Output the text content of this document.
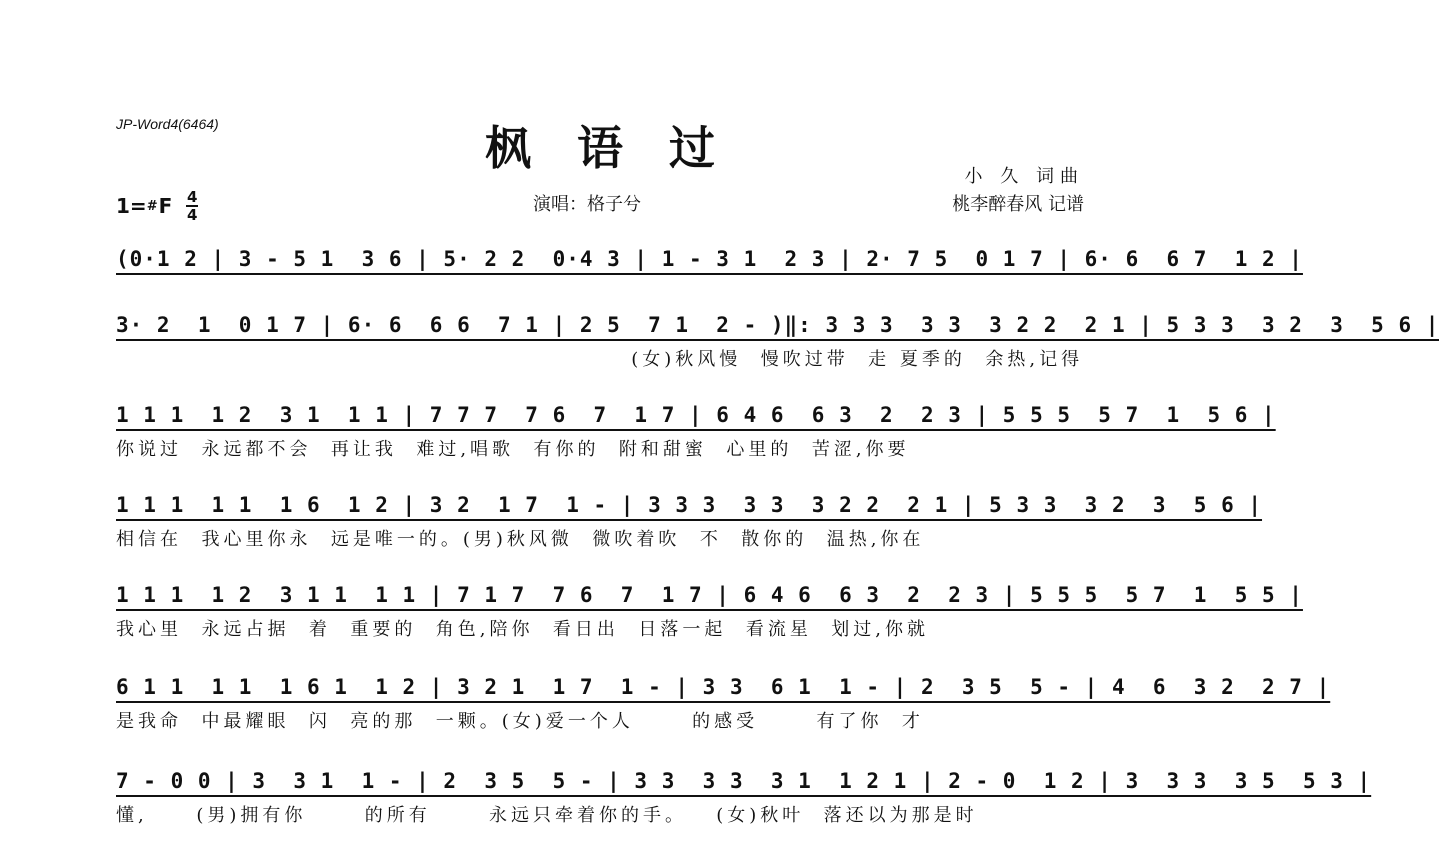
JP-Word4(6464)	枫语过
小 久 词曲
桃李醉春风 记谱
1= # F 4
4	演唱：格子兮
(0·1 2 | 3 - 5 1  3 6 | 5· 2 2  0·4 3 | 1 - 3 1  2 3 | 2· 7 5  0 1 7 | 6· 6  6 7  1 2 |
3· 2  1  0 1 7 | 6· 6  6 6  7 1 | 2 5  7 1  2 - )‖: 3 3 3  3 3  3 2 2  2 1 | 5 3 3  3 2  3  5 6 |
(女)秋风慢  慢吹过带  走 夏季的  余热,记得
1 1 1  1 2  3 1  1 1 | 7 7 7  7 6  7  1 7 | 6 4 6  6 3  2  2 3 | 5 5 5  5 7  1  5 6 |
你说过  永远都不会  再让我  难过,唱歌  有你的  附和甜蜜  心里的  苦涩,你要
1 1 1  1 1  1 6  1 2 | 3 2  1 7  1 - | 3 3 3  3 3  3 2 2  2 1 | 5 3 3  3 2  3  5 6 |
相信在  我心里你永  远是唯一的。(男)秋风微  微吹着吹  不  散你的  温热,你在
1 1 1  1 2  3 1 1  1 1 | 7 1 7  7 6  7  1 7 | 6 4 6  6 3  2  2 3 | 5 5 5  5 7  1  5 5 |
我心里  永远占据  着  重要的  角色,陪你  看日出  日落一起  看流星  划过,你就
6 1 1  1 1  1 6 1  1 2 | 3 2 1  1 7  1 - | 3 3  6 1  1 - | 2  3 5  5 - | 4  6  3 2  2 7 |
是我命  中最耀眼  闪  亮的那  一颗。(女)爱一个人      的感受      有了你  才
7 - 0 0 | 3  3 1  1 - | 2  3 5  5 - | 3 3  3 3  3 1  1 2 1 | 2 - 0  1 2 | 3  3 3  3 5  5 3 |
懂,     (男)拥有你      的所有      永远只牵着你的手。   (女)秋叶  落还以为那是时
